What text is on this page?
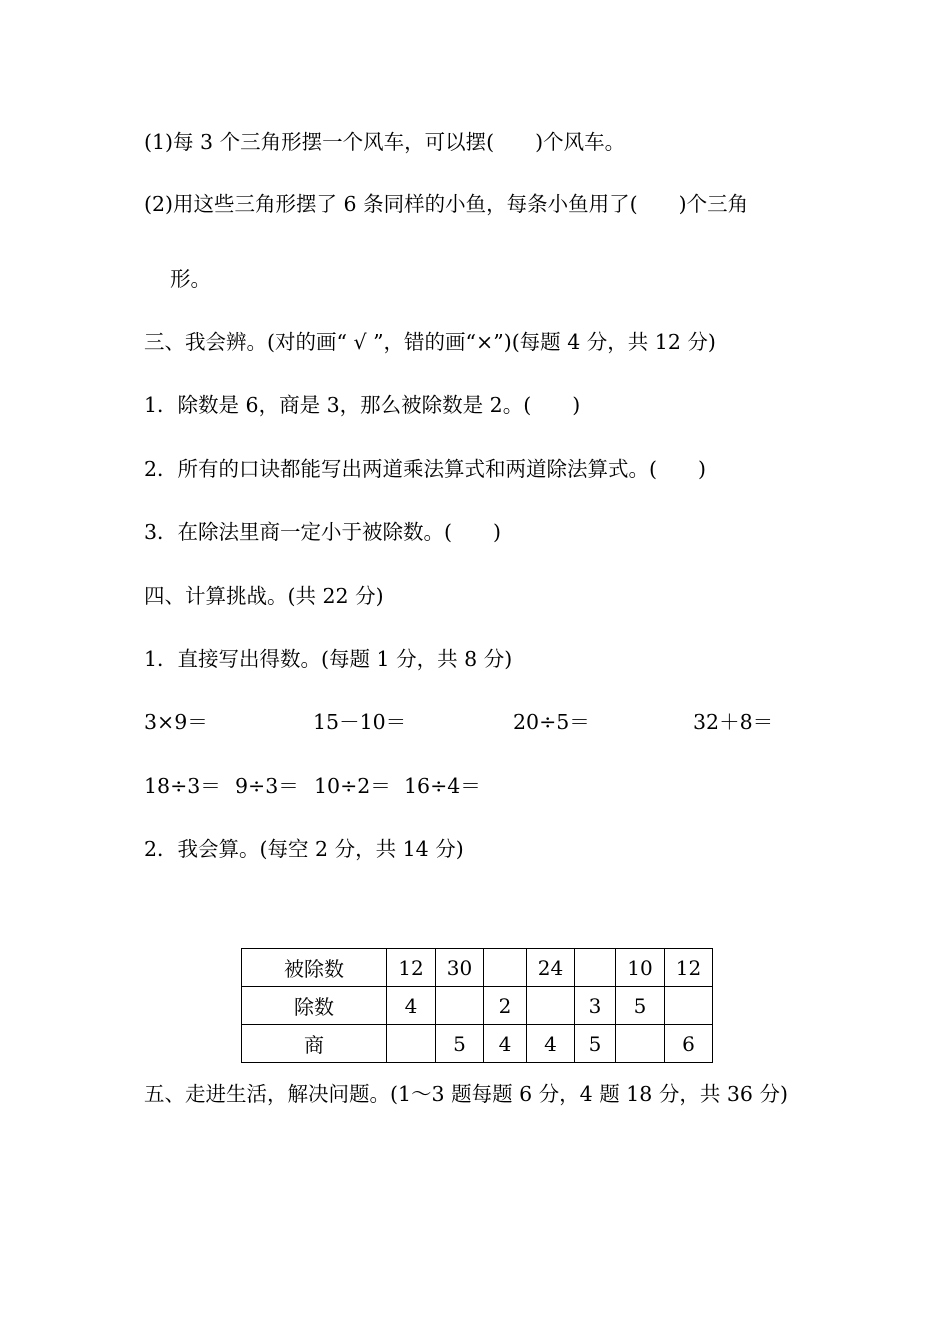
(1)每 3 个三角形摆一个风车，可以摆(　　)个风车。
(2)用这些三角形摆了 6 条同样的小鱼，每条小鱼用了(　　)个三角
形。
三、我会辨。(对的画“ √ ”，错的画“×”)(每题 4 分，共 12 分)
1．除数是 6，商是 3，那么被除数是 2。(　　)
2．所有的口诀都能写出两道乘法算式和两道除法算式。(　　)
3．在除法里商一定小于被除数。(　　)
四、计算挑战。(共 22 分)
1．直接写出得数。(每题 1 分，共 8 分)
3×9＝	15－10＝	20÷5＝	32＋8＝
18÷3＝ 9÷3＝ 10÷2＝ 16÷4＝
2．我会算。(每空 2 分，共 14 分)
被除数	12	30		24		10	12
除数	4		2		3	5	
商		5	4	4	5		6
五、走进生活，解决问题。(1～3 题每题 6 分，4 题 18 分，共 36 分)
